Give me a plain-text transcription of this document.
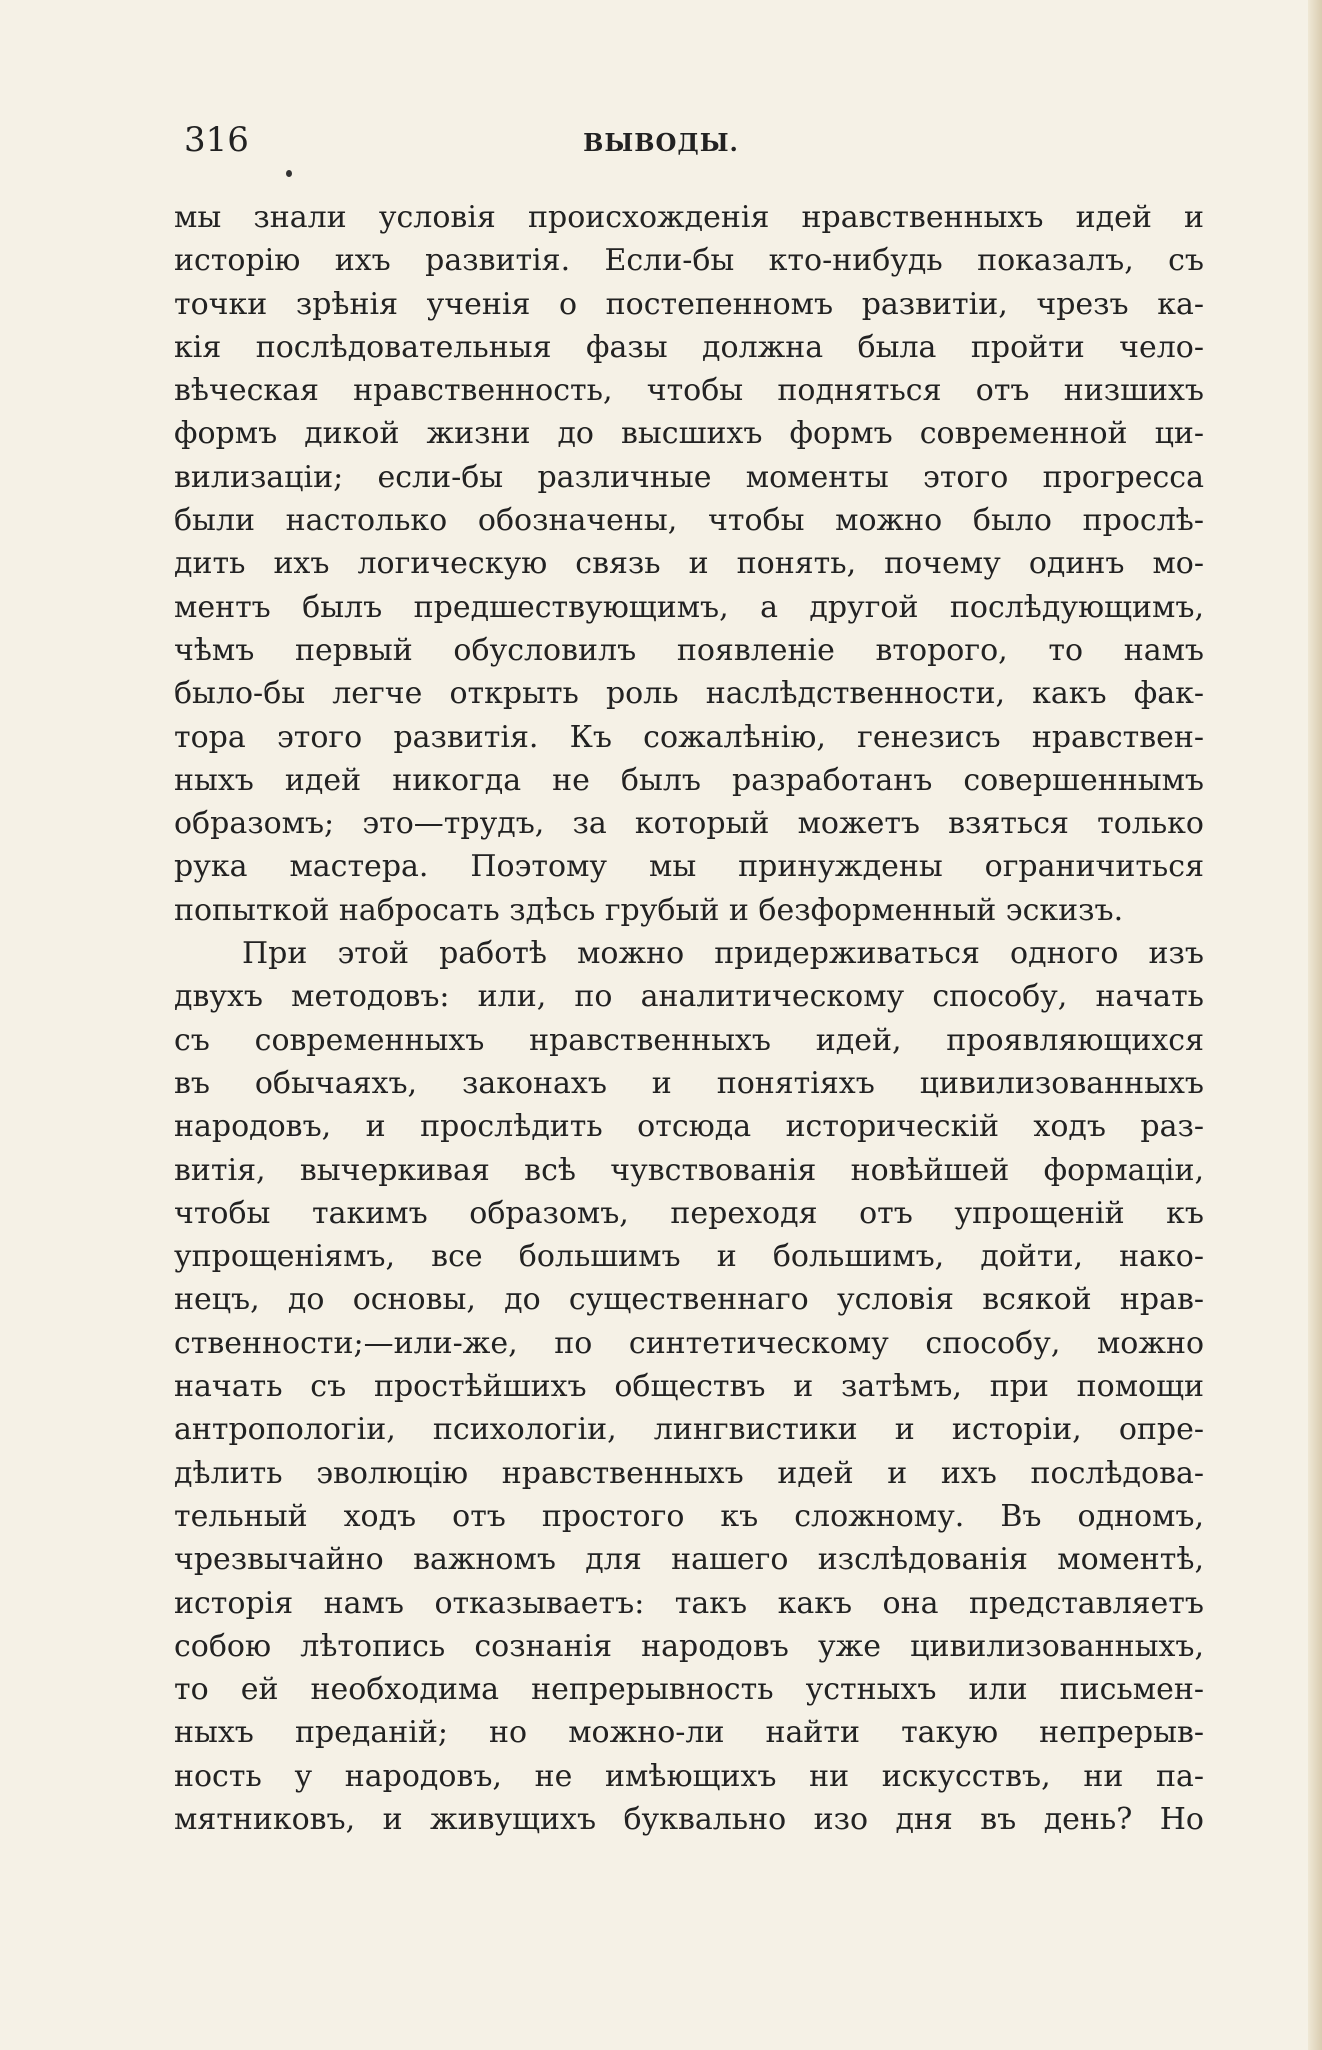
316	ВЫВОДЫ.
мы знали условія происхожденія нравственныхъ идей и
исторію ихъ развитія. Если-бы кто-нибудь показалъ, съ
точки зрѣнія ученія о постепенномъ развитіи, чрезъ ка-
кія послѣдовательныя фазы должна была пройти чело-
вѣческая нравственность, чтобы подняться отъ низшихъ
формъ дикой жизни до высшихъ формъ современной ци-
вилизаціи; если-бы различные моменты этого прогресса
были настолько обозначены, чтобы можно было прослѣ-
дить ихъ логическую связь и понять, почему одинъ мо-
ментъ былъ предшествующимъ, а другой послѣдующимъ,
чѣмъ первый обусловилъ появленіе второго, то намъ
было-бы легче открыть роль наслѣдственности, какъ фак-
тора этого развитія. Къ сожалѣнію, генезисъ нравствен-
ныхъ идей никогда не былъ разработанъ совершеннымъ
образомъ; это—трудъ, за который можетъ взяться только
рука мастера. Поэтому мы принуждены ограничиться
попыткой набросать здѣсь грубый и безформенный эскизъ.
При этой работѣ можно придерживаться одного изъ
двухъ методовъ: или, по аналитическому способу, начать
съ современныхъ нравственныхъ идей, проявляющихся
въ обычаяхъ, законахъ и понятіяхъ цивилизованныхъ
народовъ, и прослѣдить отсюда историческій ходъ раз-
витія, вычеркивая всѣ чувствованія новѣйшей формаціи,
чтобы такимъ образомъ, переходя отъ упрощеній къ
упрощеніямъ, все большимъ и большимъ, дойти, нако-
нецъ, до основы, до существеннаго условія всякой нрав-
ственности;—или-же, по синтетическому способу, можно
начать съ простѣйшихъ обществъ и затѣмъ, при помощи
антропологіи, психологіи, лингвистики и исторіи, опре-
дѣлить эволюцію нравственныхъ идей и ихъ послѣдова-
тельный ходъ отъ простого къ сложному. Въ одномъ,
чрезвычайно важномъ для нашего изслѣдованія моментѣ,
исторія намъ отказываетъ: такъ какъ она представляетъ
собою лѣтопись сознанія народовъ уже цивилизованныхъ,
то ей необходима непрерывность устныхъ или письмен-
ныхъ преданій; но можно-ли найти такую непрерыв-
ность у народовъ, не имѣющихъ ни искусствъ, ни па-
мятниковъ, и живущихъ буквально изо дня въ день? Но
